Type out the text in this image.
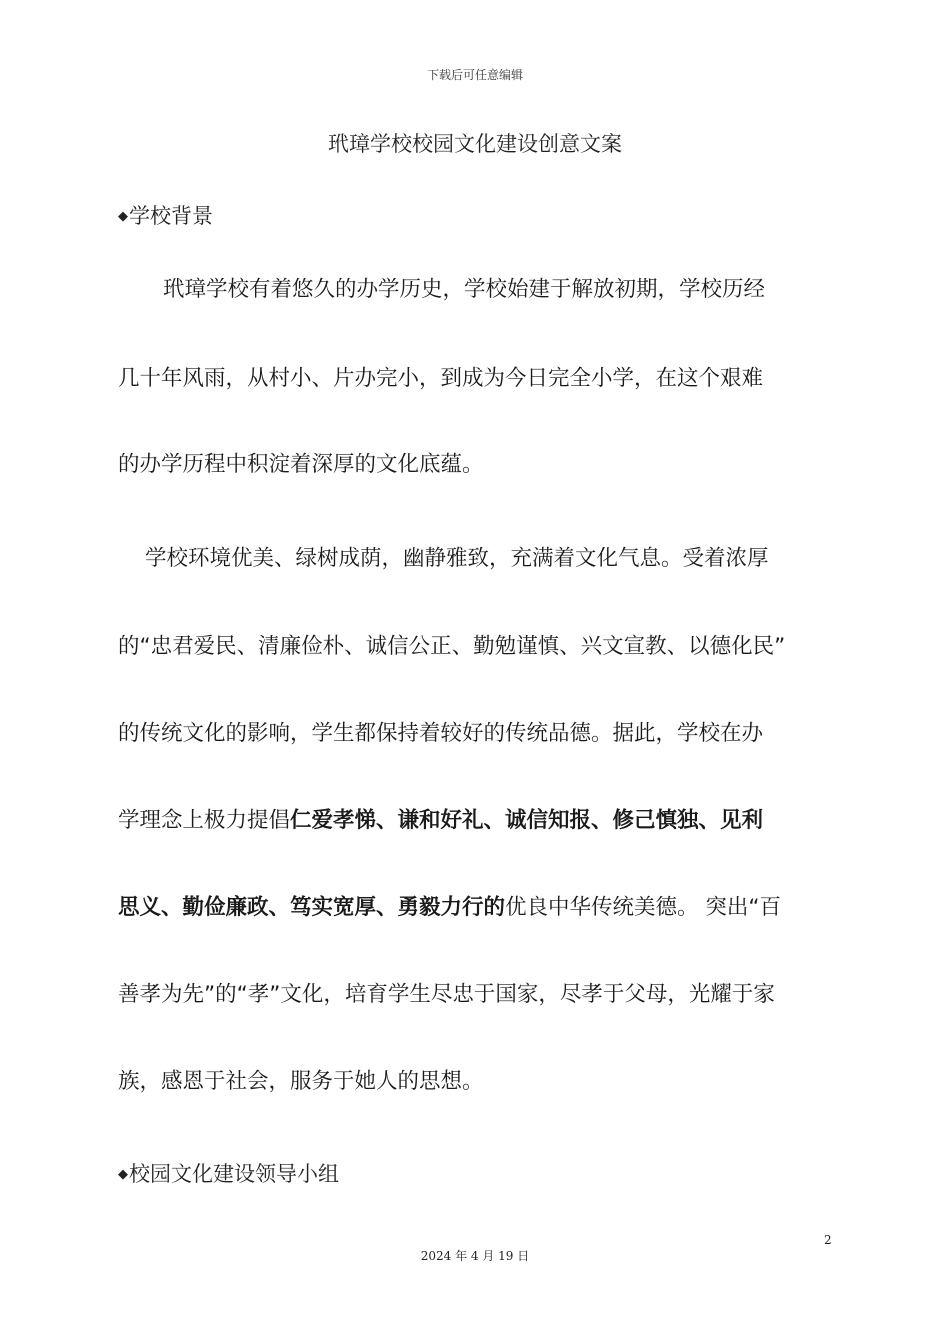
下载后可任意编辑
玳璋学校校园文化建设创意文案
◆学校背景
玳璋学校有着悠久的办学历史，学校始建于解放初期，学校历经
几十年风雨，从村小、片办完小，到成为今日完全小学，在这个艰难
的办学历程中积淀着深厚的文化底蕴。
学校环境优美、绿树成荫，幽静雅致，充满着文化气息。受着浓厚
的“忠君爱民、清廉俭朴、诚信公正、勤勉谨慎、兴文宣教、以德化民”
的传统文化的影响，学生都保持着较好的传统品德。据此，学校在办
学理念上极力提倡仁爱孝悌、谦和好礼、诚信知报、修己慎独、见利
思义、勤俭廉政、笃实宽厚、勇毅力行的优良中华传统美德。 突出“百
善孝为先”的“孝”文化，培育学生尽忠于国家，尽孝于父母，光耀于家
族，感恩于社会，服务于她人的思想。
◆校园文化建设领导小组
2
2024 年 4 月 19 日
